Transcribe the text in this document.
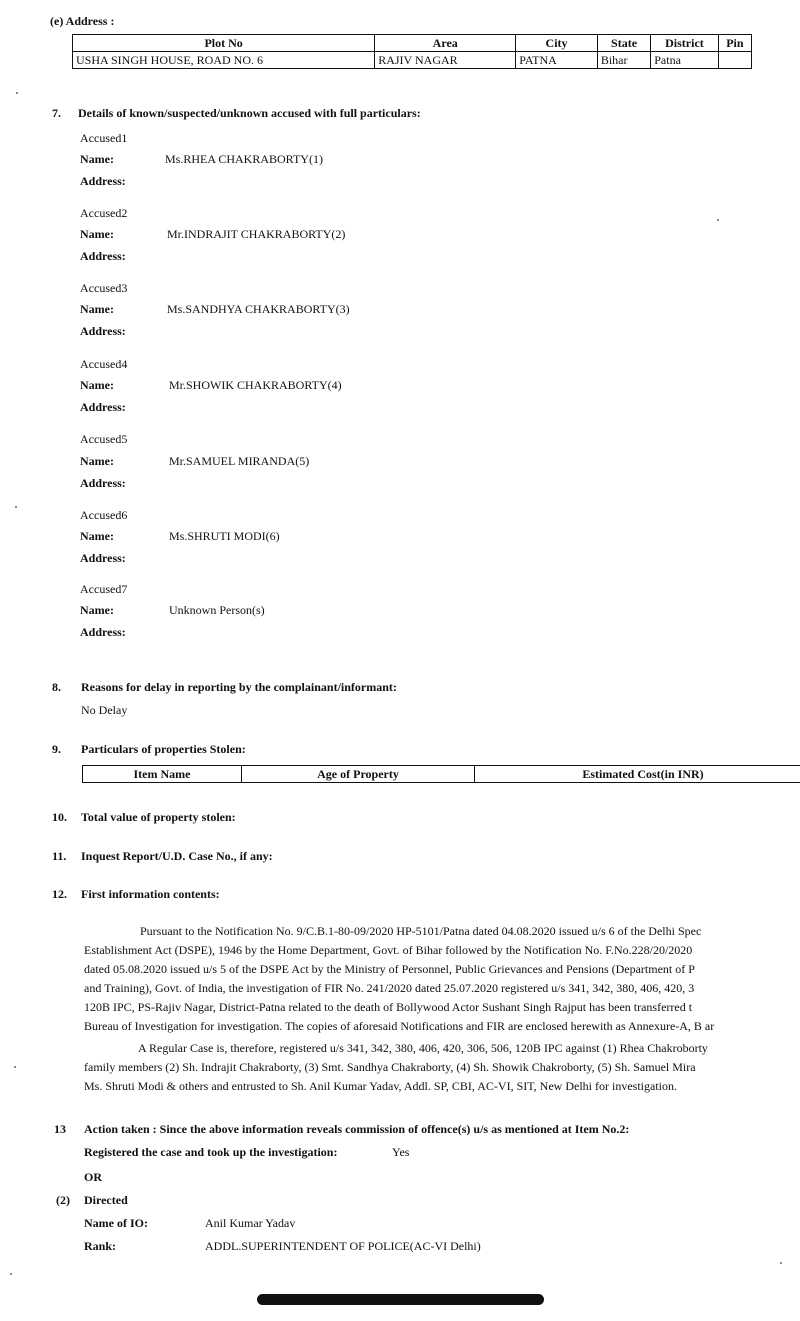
(e) Address :
Plot No	Area	City	State	District	Pin
USHA SINGH HOUSE, ROAD NO. 6	RAJIV NAGAR	PATNA	Bihar	Patna	
7. Details of known/suspected/unknown accused with full particulars:
Accused1
Name:	Ms.RHEA CHAKRABORTY(1)
Address:
Accused2
Name:	Mr.INDRAJIT CHAKRABORTY(2)
Address:
Accused3
Name:	Ms.SANDHYA CHAKRABORTY(3)
Address:
Accused4
Name:	Mr.SHOWIK CHAKRABORTY(4)
Address:
Accused5
Name:	Mr.SAMUEL MIRANDA(5)
Address:
Accused6
Name:	Ms.SHRUTI MODI(6)
Address:
Accused7
Name:	Unknown Person(s)
Address:
8. Reasons for delay in reporting by the complainant/informant:
No Delay
9. Particulars of properties Stolen:
Item Name	Age of Property	Estimated Cost(in INR)
10. Total value of property stolen:
11. Inquest Report/U.D. Case No., if any:
12. First information contents:
Pursuant to the Notification No. 9/C.B.1-80-09/2020 HP-5101/Patna dated 04.08.2020 issued u/s 6 of the Delhi Spec
Establishment Act (DSPE), 1946 by the Home Department, Govt. of Bihar followed by the Notification No. F.No.228/20/2020
dated 05.08.2020 issued u/s 5 of the DSPE Act by the Ministry of Personnel, Public Grievances and Pensions (Department of P
and Training), Govt. of India, the investigation of FIR No. 241/2020 dated 25.07.2020 registered u/s 341, 342, 380, 406, 420, 3
120B IPC, PS-Rajiv Nagar, District-Patna related to the death of Bollywood Actor Sushant Singh Rajput has been transferred t
Bureau of Investigation for investigation. The copies of aforesaid Notifications and FIR are enclosed herewith as Annexure-A, B ar
A Regular Case is, therefore, registered u/s 341, 342, 380, 406, 420, 306, 506, 120B IPC against (1) Rhea Chakroborty
family members (2) Sh. Indrajit Chakraborty, (3) Smt. Sandhya Chakraborty, (4) Sh. Showik Chakroborty, (5) Sh. Samuel Mira
Ms. Shruti Modi & others and entrusted to Sh. Anil Kumar Yadav, Addl. SP, CBI, AC-VI, SIT, New Delhi for investigation.
13 Action taken : Since the above information reveals commission of offence(s) u/s as mentioned at Item No.2:
Registered the case and took up the investigation:	Yes
OR
(2) Directed
Name of IO:	Anil Kumar Yadav
Rank:	ADDL.SUPERINTENDENT OF POLICE(AC-VI Delhi)
